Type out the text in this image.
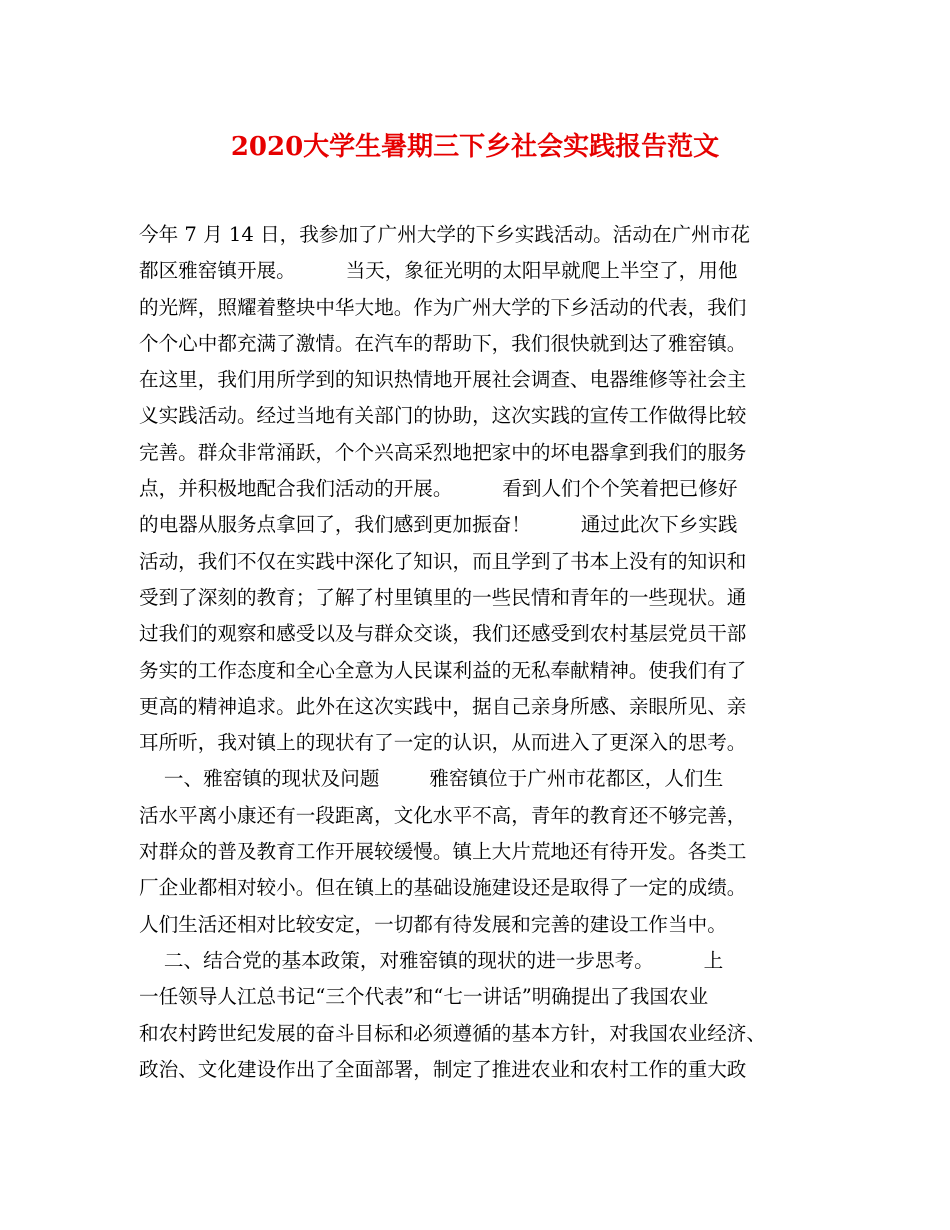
2020大学生暑期三下乡社会实践报告范文
今年 7 月 14 日，我参加了广州大学的下乡实践活动。活动在广州市花
都区雅窑镇开展。        当天，象征光明的太阳早就爬上半空了，用他
的光辉，照耀着整块中华大地。作为广州大学的下乡活动的代表，我们
个个心中都充满了激情。在汽车的帮助下，我们很快就到达了雅窑镇。
在这里，我们用所学到的知识热情地开展社会调查、电器维修等社会主
义实践活动。经过当地有关部门的协助，这次实践的宣传工作做得比较
完善。群众非常涌跃，个个兴高采烈地把家中的坏电器拿到我们的服务
点，并积极地配合我们活动的开展。        看到人们个个笑着把已修好
的电器从服务点拿回了，我们感到更加振奋！        通过此次下乡实践
活动，我们不仅在实践中深化了知识，而且学到了书本上没有的知识和
受到了深刻的教育；了解了村里镇里的一些民情和青年的一些现状。通
过我们的观察和感受以及与群众交谈，我们还感受到农村基层党员干部
务实的工作态度和全心全意为人民谋利益的无私奉献精神。使我们有了
更高的精神追求。此外在这次实践中，据自己亲身所感、亲眼所见、亲
耳所听，我对镇上的现状有了一定的认识，从而进入了更深入的思考。
一、雅窑镇的现状及问题        雅窑镇位于广州市花都区，人们生
活水平离小康还有一段距离，文化水平不高，青年的教育还不够完善，
对群众的普及教育工作开展较缓慢。镇上大片荒地还有待开发。各类工
厂企业都相对较小。但在镇上的基础设施建设还是取得了一定的成绩。
人们生活还相对比较安定，一切都有待发展和完善的建设工作当中。
二、结合党的基本政策，对雅窑镇的现状的进一步思考。        上
一任领导人江总书记“三个代表”和“七一讲话”明确提出了我国农业
和农村跨世纪发展的奋斗目标和必须遵循的基本方针，对我国农业经济、
政治、文化建设作出了全面部署，制定了推进农业和农村工作的重大政
